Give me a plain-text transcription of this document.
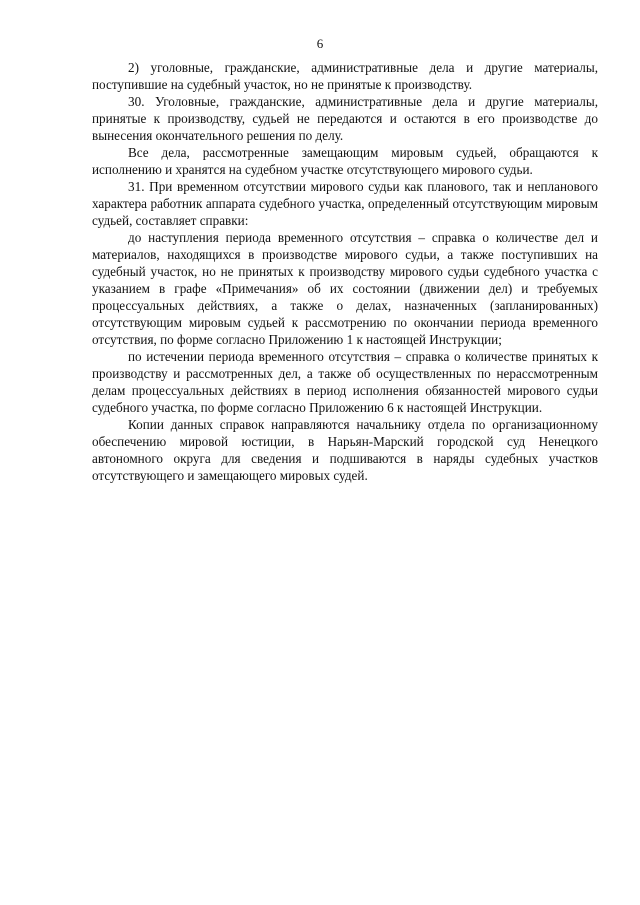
6

2) уголовные, гражданские, административные дела и другие материалы, поступившие на судебный участок, но не принятые к производству.

30. Уголовные, гражданские, административные дела и другие материалы, принятые к производству, судьей не передаются и остаются в его производстве до вынесения окончательного решения по делу.

Все дела, рассмотренные замещающим мировым судьей, обращаются к исполнению и хранятся на судебном участке отсутствующего мирового судьи.

31. При временном отсутствии мирового судьи как планового, так и непланового характера работник аппарата судебного участка, определенный отсутствующим мировым судьей, составляет справки:

до наступления периода временного отсутствия – справка о количестве дел и материалов, находящихся в производстве мирового судьи, а также поступивших на судебный участок, но не принятых к производству мирового судьи судебного участка с указанием в графе «Примечания» об их состоянии (движении дел) и требуемых процессуальных действиях, а также о делах, назначенных (запланированных) отсутствующим мировым судьей к рассмотрению по окончании периода временного отсутствия, по форме согласно Приложению 1 к настоящей Инструкции;

по истечении периода временного отсутствия – справка о количестве принятых к производству и рассмотренных дел, а также об осуществленных по нерассмотренным делам процессуальных действиях в период исполнения обязанностей мирового судьи судебного участка, по форме согласно Приложению 6 к настоящей Инструкции.

Копии данных справок направляются начальнику отдела по организационному обеспечению мировой юстиции, в Нарьян-Марский городской суд Ненецкого автономного округа для сведения и подшиваются в наряды судебных участков отсутствующего и замещающего мировых судей.
